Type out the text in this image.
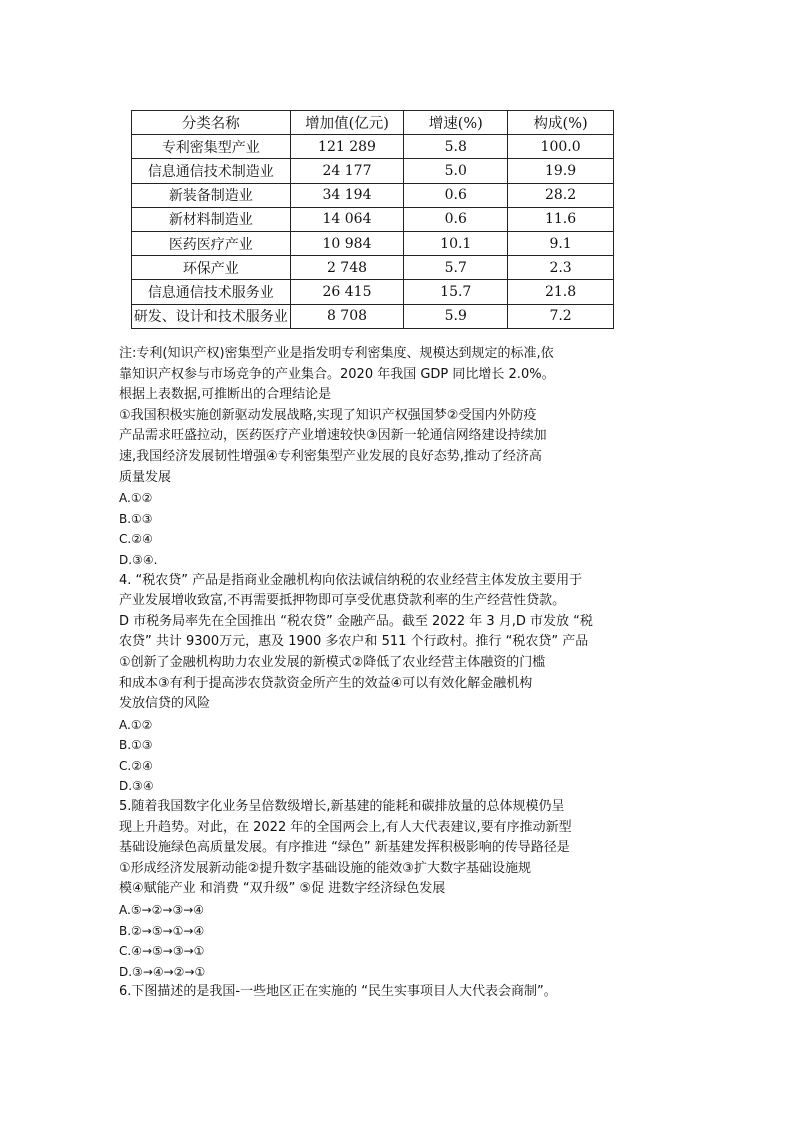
分类名称	增加值(亿元)	增速(%)	构成(%)
专利密集型产业	121 289	5.8	100.0
信息通信技术制造业	24 177	5.0	19.9
新装备制造业	34 194	0.6	28.2
新材料制造业	14 064	0.6	11.6
医药医疗产业	10 984	10.1	9.1
环保产业	2 748	5.7	2.3
信息通信技术服务业	26 415	15.7	21.8
研发、设计和技术服务业	8 708	5.9	7.2
注:专利(知识产权)密集型产业是指发明专利密集度、规模达到规定的标准,依
靠知识产权参与市场竞争的产业集合。2020 年我国 GDP 同比增长 2.0%。
根据上表数据,可推断出的合理结论是
①我国积极实施创新驱动发展战略,实现了知识产权强国梦②受国内外防疫
产品需求旺盛拉动，医药医疗产业增速较快③因新一轮通信网络建设持续加
速,我国经济发展韧性增强④专利密集型产业发展的良好态势,推动了经济高
质量发展
A.①②
B.①③
C.②④
D.③④.
4. “税农贷” 产品是指商业金融机构向依法诚信纳税的农业经营主体发放主要用于
产业发展增收致富,不再需要抵押物即可享受优惠贷款利率的生产经营性贷款。
D 市税务局率先在全国推出 “税农贷” 金融产品。截至 2022 年 3 月,D 市发放 “税
农贷” 共计 9300万元，惠及 1900 多农户和 511 个行政村。推行 “税农贷” 产品
①创新了金融机构助力农业发展的新模式②降低了农业经营主体融资的门槛
和成本③有利于提高涉农贷款资金所产生的效益④可以有效化解金融机构
发放信贷的风险
A.①②
B.①③
C.②④
D.③④
5.随着我国数字化业务呈倍数级增长,新基建的能耗和碳排放量的总体规模仍呈
现上升趋势。对此，在 2022 年的全国两会上,有人大代表建议,要有序推动新型
基础设施绿色高质量发展。有序推进 “绿色” 新基建发挥积极影响的传导路径是
①形成经济发展新动能②提升数字基础设施的能效③扩大数字基础设施规
模④赋能产业 和消费 “双升级” ⑤促 进数字经济绿色发展
A.⑤→②→③→④
B.②→⑤→①→④
C.④→⑤→③→①
D.③→④→②→①
6.下图描述的是我国-一些地区正在实施的 “民生实事项目人大代表会商制”。
